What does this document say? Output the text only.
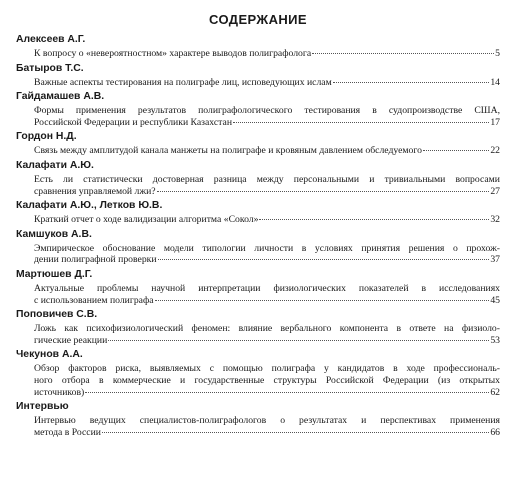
СОДЕРЖАНИЕ
Алексеев А.Г.
К вопросу о «невероятностном» характере выводов полиграфолога	5
Батыров Т.С.
Важные аспекты тестирования на полиграфе лиц, исповедующих ислам	14
Гайдамашев А.В.
Формы применения результатов полиграфологического тестирования в судопроизводстве США,
Российской Федерации и республики Казахстан	17
Гордон Н.Д.
Связь между амплитудой канала манжеты на полиграфе и кровяным давлением обследуемого	22
Калафати А.Ю.
Есть ли статистически достоверная разница между персональными и тривиальными вопросами
сравнения управляемой лжи?	27
Калафати А.Ю., Летков Ю.В.
Краткий отчет о ходе валидизации алгоритма «Сокол»	32
Камшуков А.В.
Эмпирическое обоснование модели типологии личности в условиях принятия решения о прохож-
дении полиграфной проверки	37
Мартюшев Д.Г.
Актуальные проблемы научной интерпретации физиологических показателей в исследованиях
с использованием полиграфа	45
Поповичев С.В.
Ложь как психофизиологический феномен: влияние вербального компонента в ответе на физиоло-
гические реакции	53
Чекунов А.А.
Обзор факторов риска, выявляемых с помощью полиграфа у кандидатов в ходе профессиональ-
ного отбора в коммерческие и государственные структуры Российской Федерации (из открытых
источников)	62
Интервью
Интервью ведущих специалистов-полиграфологов о результатах и перспективах применения
метода в России	66
